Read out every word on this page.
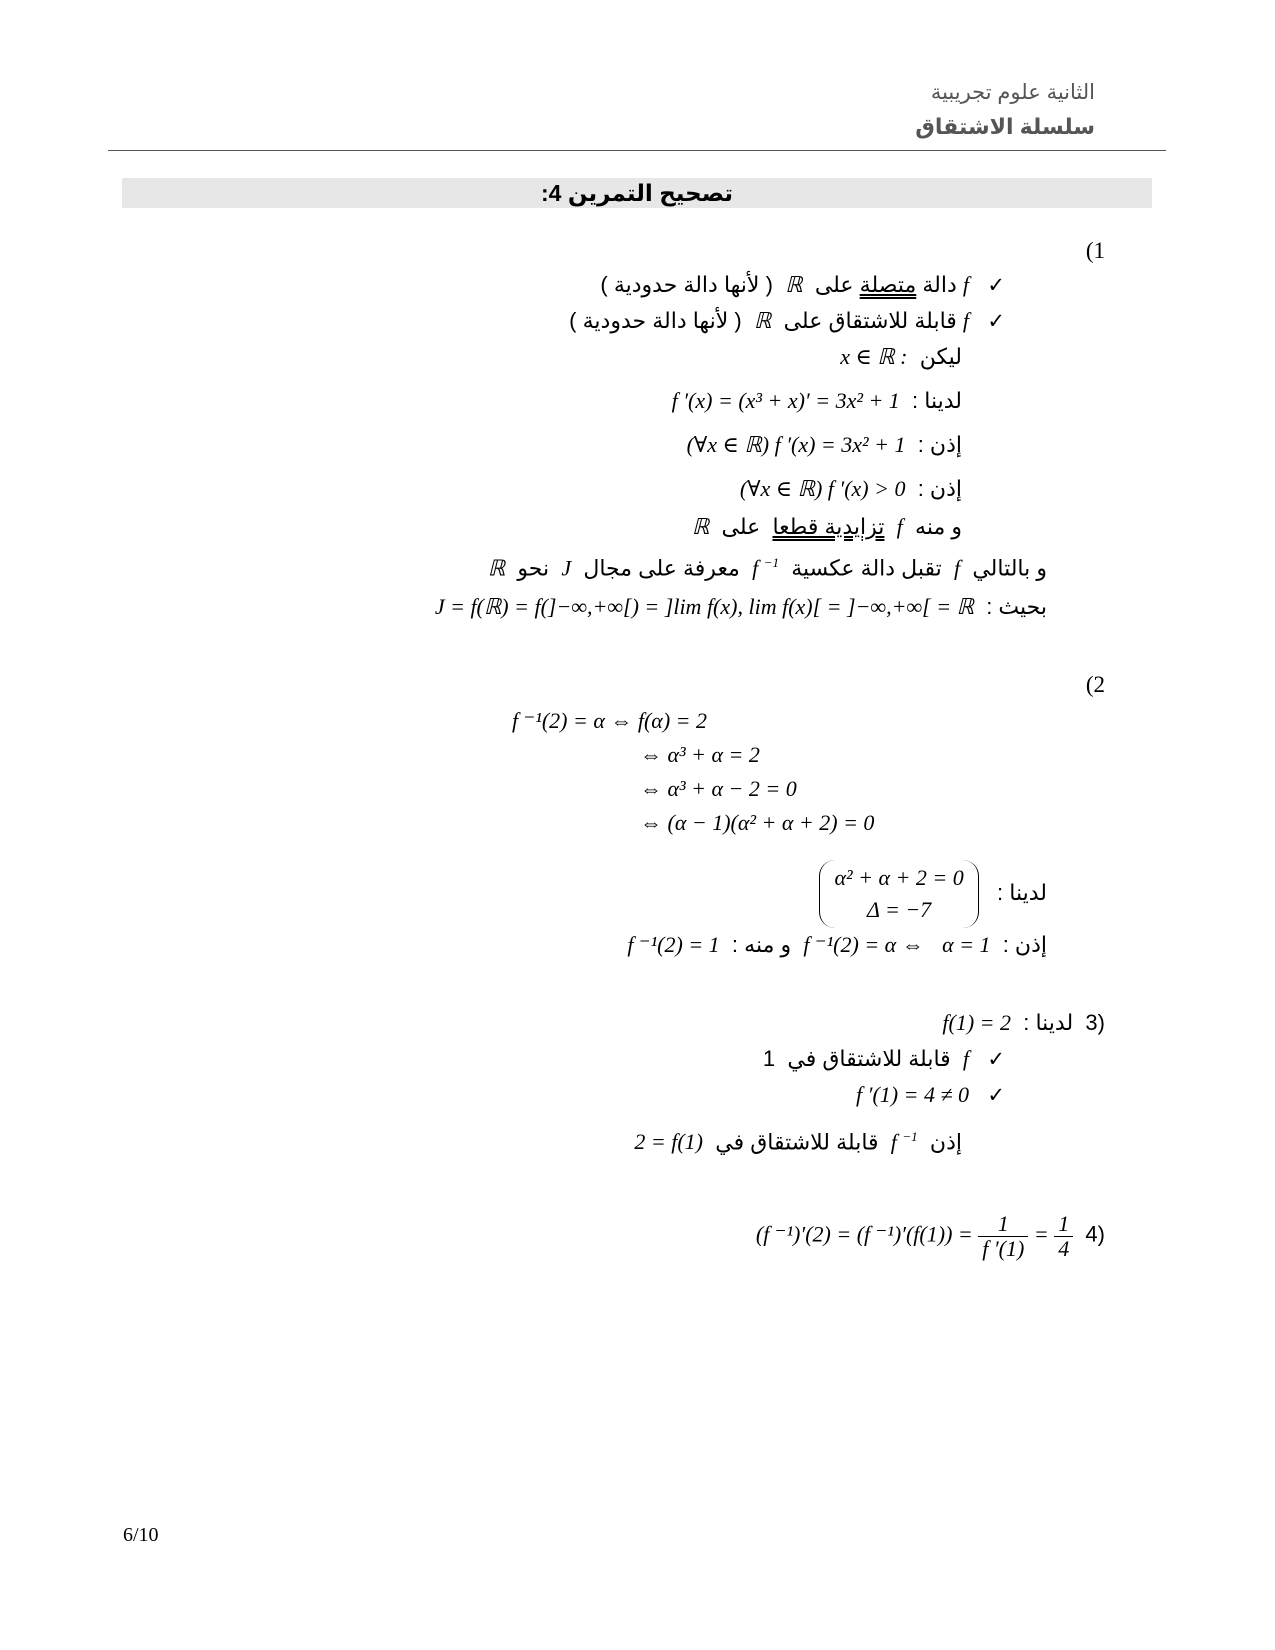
الثانية علوم تجريبية
سلسلة الاشتقاق
تصحيح التمرين 4:
(1
✓   f دالة متصلة على  ℝ  ( لأنها دالة حدودية )
✓   f قابلة للاشتقاق على  ℝ  ( لأنها دالة حدودية )
ليكن  x ∈ ℝ :
لدينا :  f ′(x) = (x³ + x)′ = 3x² + 1
إذن :  (∀x ∈ ℝ) f ′(x) = 3x² + 1
إذن :  (∀x ∈ ℝ) f ′(x) > 0
و منه  f  تزايدية قطعا  على  ℝ
و بالتالي  f  تقبل دالة عكسية  f $^{-1}$  معرفة على مجال  J  نحو  ℝ
بحيث :  J = f(ℝ) = f(]−∞,+∞[) = ]lim f(x), lim f(x)[ = ]−∞,+∞[ = ℝ
(2
f ⁻¹(2) = α ⇔ f(α) = 2
⇔ α³ + α = 2
⇔ α³ + α − 2 = 0
⇔ (α − 1)(α² + α + 2) = 0
لدينا :
α² + α + 2 = 0
Δ = −7
إذن :  α = 1   f ⁻¹(2) = α ⇔  و منه :  f ⁻¹(2) = 1
(3  لدينا :  f(1) = 2
✓   f  قابلة للاشتقاق في  1
✓   f ′(1) = 4 ≠ 0
إذن  f $^{-1}$  قابلة للاشتقاق في  2 = f(1)
(4  (f ⁻¹)′(2) = (f $^{-1})'(f(1)) = \frac{1}{f '(1)} = \frac{1}{4}$
6/10
